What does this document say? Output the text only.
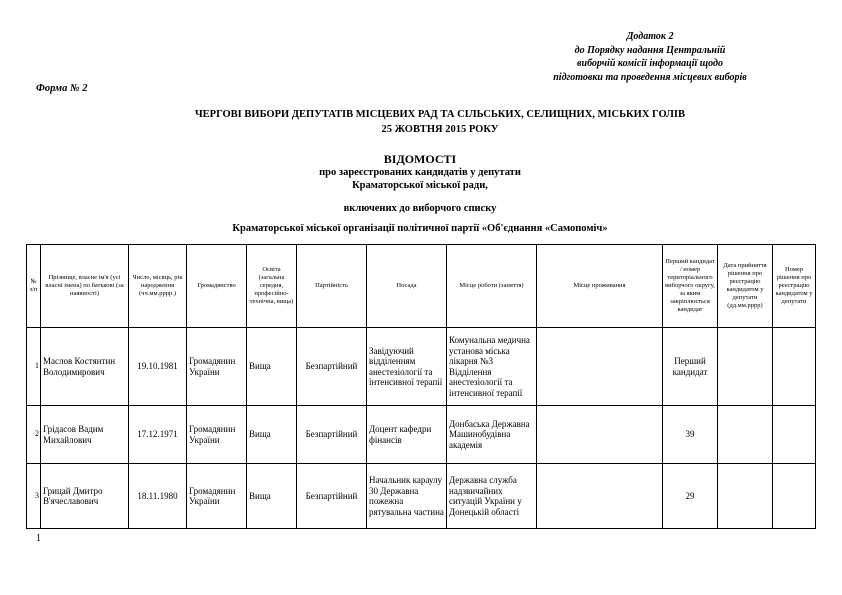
Додаток 2
до Порядку надання Центральній
виборчій комісії інформації щодо
підготовки та проведення місцевих виборів
Форма № 2
ЧЕРГОВІ ВИБОРИ ДЕПУТАТІВ МІСЦЕВИХ РАД ТА СІЛЬСЬКИХ, СЕЛИЩНИХ, МІСЬКИХ ГОЛІВ
25 ЖОВТНЯ 2015 РОКУ
ВІДОМОСТІ
про зареєстрованих кандидатів у депутати
Краматорської міської ради,
включених до виборчого списку
Краматорської міської організації політичної партії «Об'єднання «Самопоміч»
№ з/п	Прізвище, власне ім'я (усі власні імена) по батькові (за наявності)	Число, місяць, рік народження (чч.мм.рррр.)	Громадянство	Освіта (загальна середня, професійно-технічна, вища)	Партійність	Посада	Місце роботи (заняття)	Місце проживання	Перший кандидат / номер територіального виборчого округу, за яким закріплюється кандидат	Дата прийняття рішення про реєстрацію кандидатом у депутати (дд.мм.рррр)	Номер рішення про реєстрацію кандидатом у депутати
1	Маслов Костянтин Володимирович	19.10.1981	Громадянин України	Вища	Безпартійний	Завідуючий відділенням анестезіології та інтенсивної терапії	Комунальна медична установа міська лікарня №3 Відділення анестезіології та інтенсивної терапії		Перший кандидат		
2	Грідасов Вадим Михайлович	17.12.1971	Громадянин України	Вища	Безпартійний	Доцент кафедри фінансів	Донбаська Державна Машинобудівна академія		39		
3	Грицай Дмитро В'ячеславович	18.11.1980	Громадянин України	Вища	Безпартійний	Начальник караулу 30 Державна пожежна рятувальна частина	Державна служба надзвичайних ситуацій України у Донецькій області		29		
1
